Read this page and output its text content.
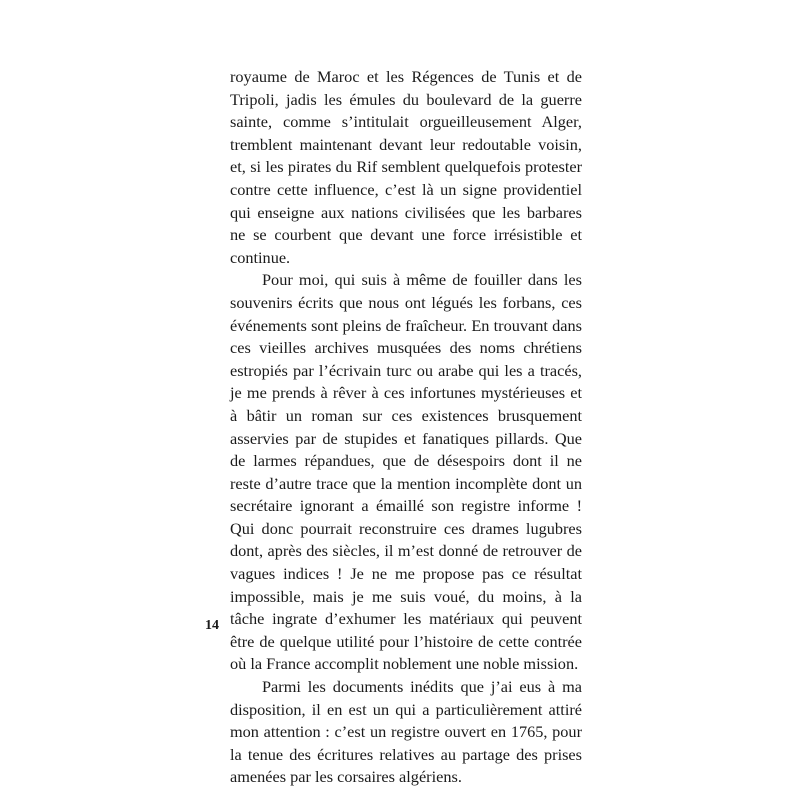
royaume de Maroc et les Régences de Tunis et de Tripoli, jadis les émules du boulevard de la guerre sainte, comme s’intitulait orgueilleusement Alger, tremblent maintenant devant leur redoutable voisin, et, si les pirates du Rif semblent quelquefois protester contre cette influence, c’est là un signe providentiel qui enseigne aux nations civilisées que les barbares ne se courbent que devant une force irrésistible et continue.

Pour moi, qui suis à même de fouiller dans les souvenirs écrits que nous ont légués les forbans, ces événements sont pleins de fraîcheur. En trouvant dans ces vieilles archives musquées des noms chrétiens estropiés par l’écrivain turc ou arabe qui les a tracés, je me prends à rêver à ces infortunes mystérieuses et à bâtir un roman sur ces existences brusquement asservies par de stupides et fanatiques pillards. Que de larmes répandues, que de désespoirs dont il ne reste d’autre trace que la mention incomplète dont un secrétaire ignorant a émaillé son registre informe ! Qui donc pourrait reconstruire ces drames lugubres dont, après des siècles, il m’est donné de retrouver de vagues indices ! Je ne me propose pas ce résultat impossible, mais je me suis voué, du moins, à la tâche ingrate d’exhumer les matériaux qui peuvent être de quelque utilité pour l’histoire de cette contrée où la France accomplit noblement une noble mission.

Parmi les documents inédits que j’ai eus à ma disposition, il en est un qui a particulièrement attiré mon attention : c’est un registre ouvert en 1765, pour la tenue des écritures relatives au partage des prises amenées par les corsaires algériens.

14
